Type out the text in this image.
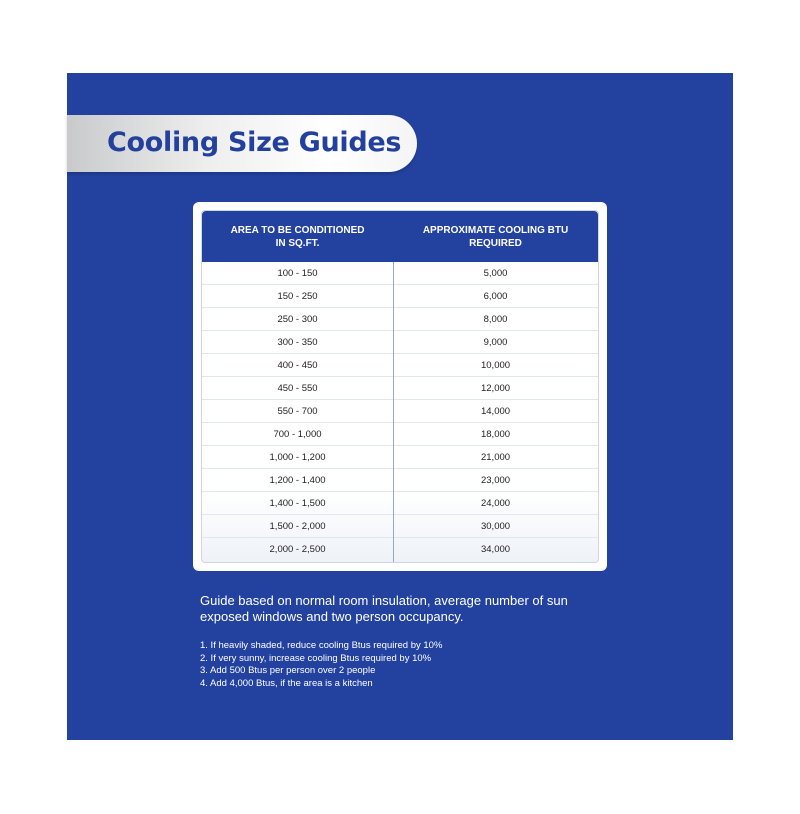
Cooling Size Guides
AREA TO BE CONDITIONED
IN SQ.FT.
APPROXIMATE COOLING BTU
REQUIRED
100 - 150	5,000
150 - 250	6,000
250 - 300	8,000
300 - 350	9,000
400 - 450	10,000
450 - 550	12,000
550 - 700	14,000
700 - 1,000	18,000
1,000 - 1,200	21,000
1,200 - 1,400	23,000
1,400 - 1,500	24,000
1,500 - 2,000	30,000
2,000 - 2,500	34,000

Guide based on normal room insulation, average number of sun exposed windows and two person occupancy.

1. If heavily shaded, reduce cooling Btus required by 10%
2. If very sunny, increase cooling Btus required by 10%
3. Add 500 Btus per person over 2 people
4. Add 4,000 Btus, if the area is a kitchen
